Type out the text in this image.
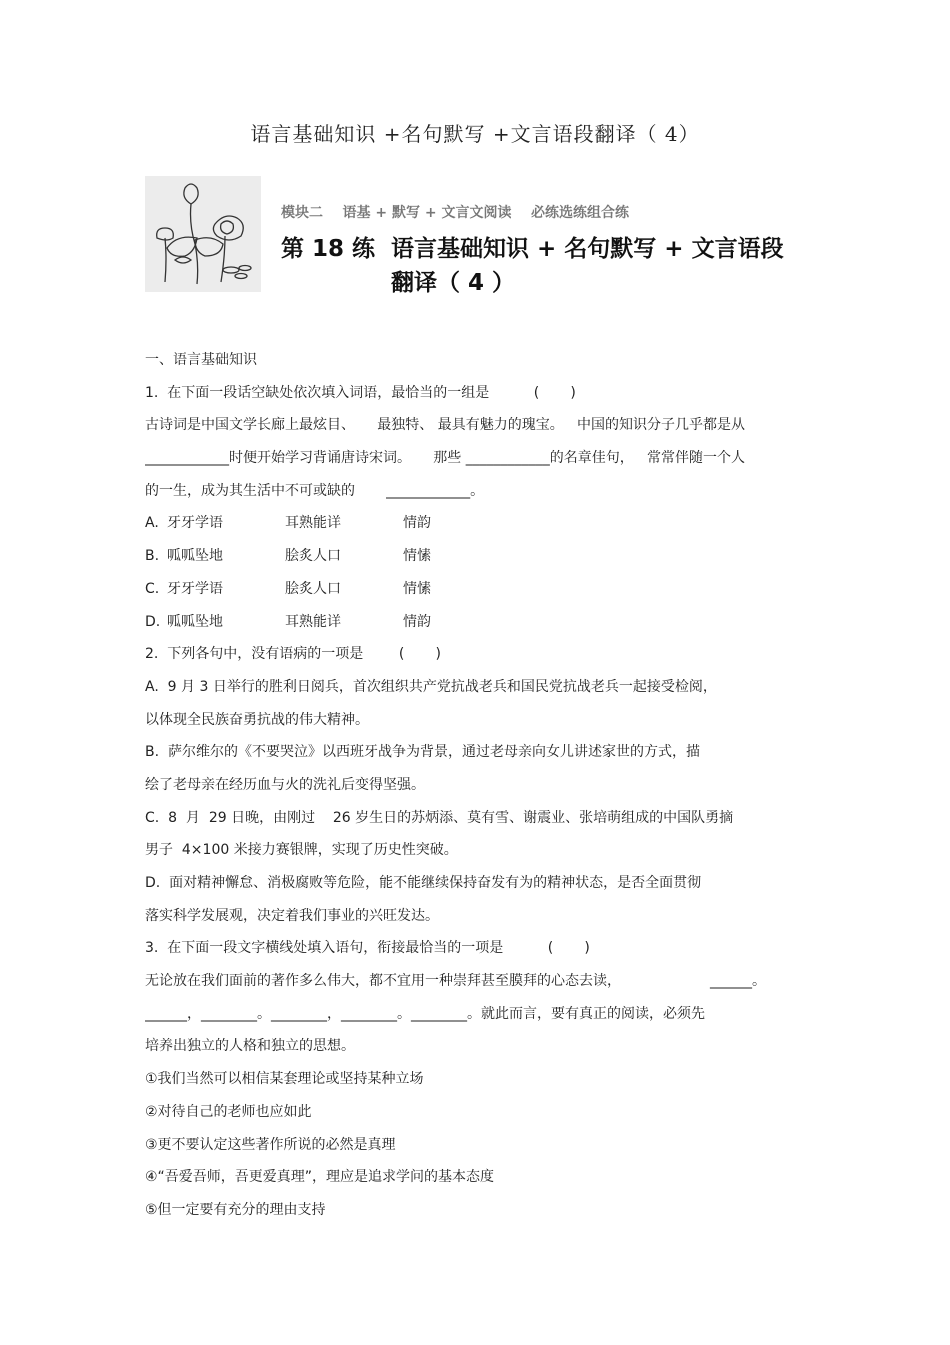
语言基础知识 +名句默写 +文言语段翻译（ 4）
模块二    语基 + 默写 + 文言文阅读    必练选练组合练
第 18 练 语言基础知识 + 名句默写 + 文言语段
翻译（ 4 ）
一、语言基础知识
1.  在下面一段话空缺处依次填入词语，最恰当的一组是          (       )
古诗词是中国文学长廊上最炫目、     最独特、 最具有魅力的瑰宝。   中国的知识分子几乎都是从
____________时便开始学习背诵唐诗宋词。     那些 ____________的名章佳句，   常常伴随一个人
的一生，成为其生活中不可或缺的       ____________。
A. 牙牙学语	耳熟能详	情韵
B. 呱呱坠地	脍炙人口	情愫
C. 牙牙学语	脍炙人口	情愫
D. 呱呱坠地	耳熟能详	情韵
2.  下列各句中，没有语病的一项是        (       )
A.  9 月 3 日举行的胜利日阅兵，首次组织共产党抗战老兵和国民党抗战老兵一起接受检阅，
以体现全民族奋勇抗战的伟大精神。
B.  萨尔维尔的《不要哭泣》以西班牙战争为背景，通过老母亲向女儿讲述家世的方式，描
绘了老母亲在经历血与火的洗礼后变得坚强。
C.  8  月  29 日晚，由刚过    26 岁生日的苏炳添、莫有雪、谢震业、张培萌组成的中国队勇摘
男子  4×100 米接力赛银牌，实现了历史性突破。
D.  面对精神懈怠、消极腐败等危险，能不能继续保持奋发有为的精神状态，是否全面贯彻
落实科学发展观，决定着我们事业的兴旺发达。
3.  在下面一段文字横线处填入语句，衔接最恰当的一项是          (       )
无论放在我们面前的著作多么伟大，都不宜用一种崇拜甚至膜拜的心态去读，                    ______。
______，________。________，________。________。就此而言，要有真正的阅读，必须先
培养出独立的人格和独立的思想。
①我们当然可以相信某套理论或坚持某种立场
②对待自己的老师也应如此
③更不要认定这些著作所说的必然是真理
④“吾爱吾师，吾更爱真理”，理应是追求学问的基本态度
⑤但一定要有充分的理由支持
